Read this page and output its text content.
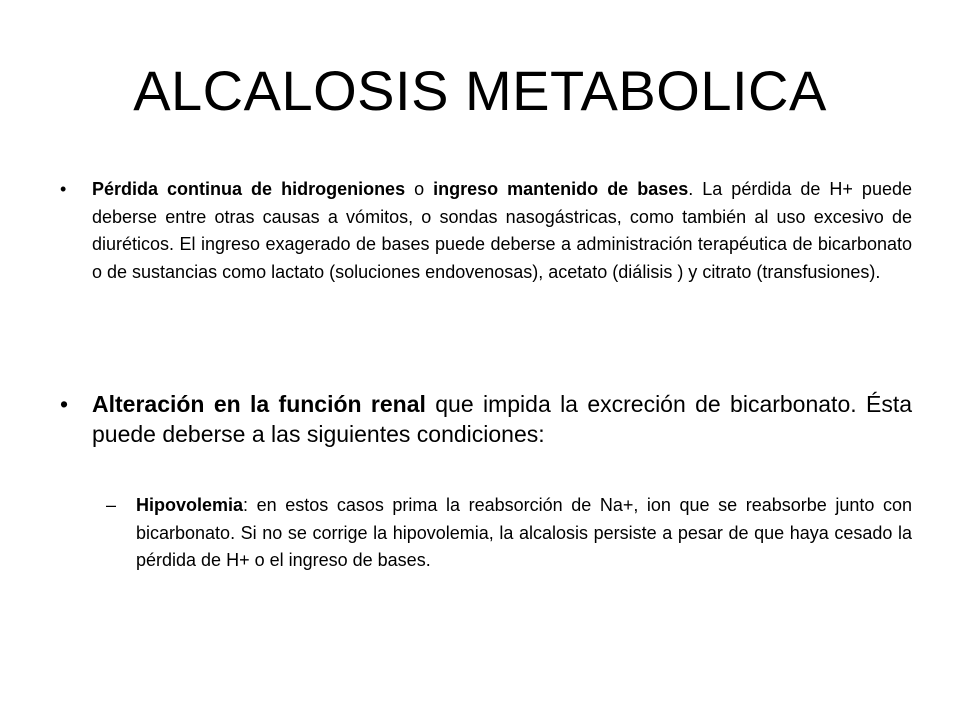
ALCALOSIS METABOLICA
• Pérdida continua de hidrogeniones o ingreso mantenido de bases. La pérdida de H+ puede deberse entre otras causas a vómitos, o sondas nasogástricas, como también al uso excesivo de diuréticos. El ingreso exagerado de bases puede deberse a administración terapéutica de bicarbonato o de sustancias como lactato (soluciones endovenosas), acetato (diálisis ) y citrato (transfusiones).
• Alteración en la función renal que impida la excreción de bicarbonato. Ésta puede deberse a las siguientes condiciones:
– Hipovolemia: en estos casos prima la reabsorción de Na+, ion que se reabsorbe junto con bicarbonato. Si no se corrige la hipovolemia, la alcalosis persiste a pesar de que haya cesado la pérdida de H+ o el ingreso de bases.
